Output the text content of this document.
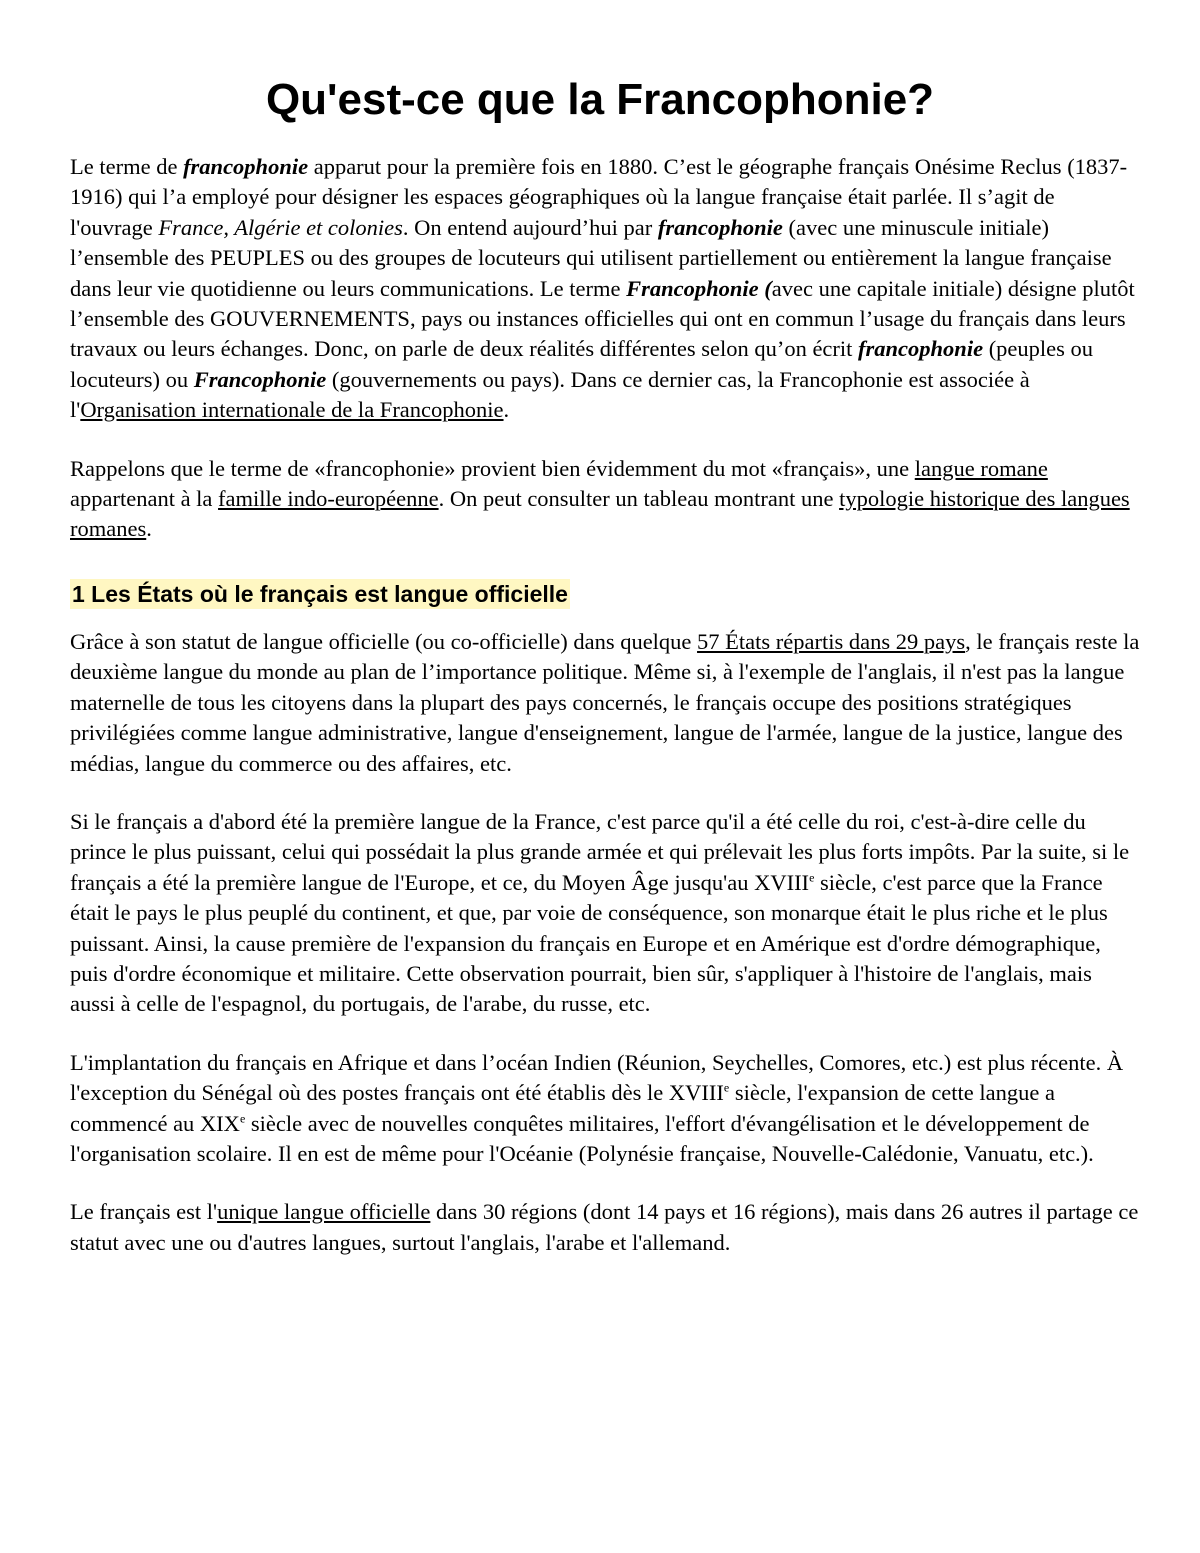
Qu'est-ce que la Francophonie?

Le terme de francophonie apparut pour la première fois en 1880. C’est le géographe français Onésime Reclus (1837-1916) qui l’a employé pour désigner les espaces géographiques où la langue française était parlée. Il s’agit de l'ouvrage France, Algérie et colonies. On entend aujourd’hui par francophonie (avec une minuscule initiale) l’ensemble des PEUPLES ou des groupes de locuteurs qui utilisent partiellement ou entièrement la langue française dans leur vie quotidienne ou leurs communications. Le terme Francophonie (avec une capitale initiale) désigne plutôt l’ensemble des GOUVERNEMENTS, pays ou instances officielles qui ont en commun l’usage du français dans leurs travaux ou leurs échanges. Donc, on parle de deux réalités différentes selon qu’on écrit francophonie (peuples ou locuteurs) ou Francophonie (gouvernements ou pays). Dans ce dernier cas, la Francophonie est associée à l'Organisation internationale de la Francophonie.

Rappelons que le terme de «francophonie» provient bien évidemment du mot «français», une langue romane appartenant à la famille indo-européenne. On peut consulter un tableau montrant une typologie historique des langues romanes.

1 Les États où le français est langue officielle

Grâce à son statut de langue officielle (ou co-officielle) dans quelque 57 États répartis dans 29 pays, le français reste la deuxième langue du monde au plan de l’importance politique. Même si, à l'exemple de l'anglais, il n'est pas la langue maternelle de tous les citoyens dans la plupart des pays concernés, le français occupe des positions stratégiques privilégiées comme langue administrative, langue d'enseignement, langue de l'armée, langue de la justice, langue des médias, langue du commerce ou des affaires, etc.

Si le français a d'abord été la première langue de la France, c'est parce qu'il a été celle du roi, c'est-à-dire celle du prince le plus puissant, celui qui possédait la plus grande armée et qui prélevait les plus forts impôts. Par la suite, si le français a été la première langue de l'Europe, et ce, du Moyen Âge jusqu'au XVIIIe siècle, c'est parce que la France était le pays le plus peuplé du continent, et que, par voie de conséquence, son monarque était le plus riche et le plus puissant. Ainsi, la cause première de l'expansion du français en Europe et en Amérique est d'ordre démographique, puis d'ordre économique et militaire. Cette observation pourrait, bien sûr, s'appliquer à l'histoire de l'anglais, mais aussi à celle de l'espagnol, du portugais, de l'arabe, du russe, etc.

L'implantation du français en Afrique et dans l’océan Indien (Réunion, Seychelles, Comores, etc.) est plus récente. À l'exception du Sénégal où des postes français ont été établis dès le XVIIIe siècle, l'expansion de cette langue a commencé au XIXe siècle avec de nouvelles conquêtes militaires, l'effort d'évangélisation et le développement de l'organisation scolaire. Il en est de même pour l'Océanie (Polynésie française, Nouvelle-Calédonie, Vanuatu, etc.).

Le français est l'unique langue officielle dans 30 régions (dont 14 pays et 16 régions), mais dans 26 autres il partage ce statut avec une ou d'autres langues, surtout l'anglais, l'arabe et l'allemand.
